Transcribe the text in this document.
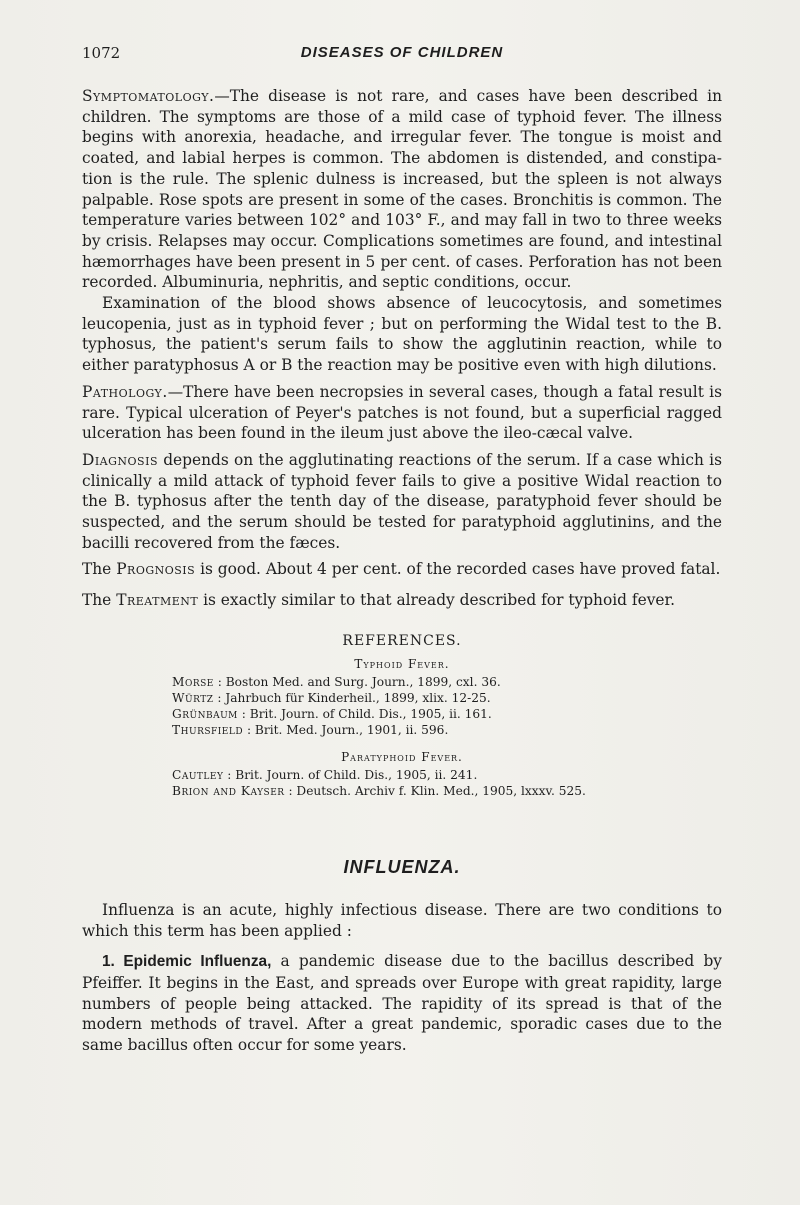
1072	DISEASES OF CHILDREN

Symptomatology.—The disease is not rare, and cases have been described in children. The symptoms are those of a mild case of typhoid fever. The illness begins with anorexia, headache, and irregular fever. The tongue is moist and coated, and labial herpes is common. The abdomen is distended, and constipa- tion is the rule. The splenic dulness is increased, but the spleen is not always palpable. Rose spots are present in some of the cases. Bronchitis is common. The temperature varies between 102° and 103° F., and may fall in two to three weeks by crisis. Relapses may occur. Complications sometimes are found, and intestinal hæmorrhages have been present in 5 per cent. of cases. Perforation has not been recorded. Albuminuria, nephritis, and septic conditions, occur.

Examination of the blood shows absence of leucocytosis, and sometimes leucopenia, just as in typhoid fever ; but on performing the Widal test to the B. typhosus, the patient's serum fails to show the agglutinin reaction, while to either paratyphosus A or B the reaction may be positive even with high dilutions.

Pathology.—There have been necropsies in several cases, though a fatal result is rare. Typical ulceration of Peyer's patches is not found, but a superficial ragged ulceration has been found in the ileum just above the ileo-cæcal valve.

Diagnosis depends on the agglutinating reactions of the serum. If a case which is clinically a mild attack of typhoid fever fails to give a positive Widal reaction to the B. typhosus after the tenth day of the disease, paratyphoid fever should be suspected, and the serum should be tested for paratyphoid agglutinins, and the bacilli recovered from the fæces.

The Prognosis is good. About 4 per cent. of the recorded cases have proved fatal.

The Treatment is exactly similar to that already described for typhoid fever.

REFERENCES.
Typhoid Fever.
Morse : Boston Med. and Surg. Journ., 1899, cxl. 36.
Würtz : Jahrbuch für Kinderheil., 1899, xlix. 12-25.
Grünbaum : Brit. Journ. of Child. Dis., 1905, ii. 161.
Thursfield : Brit. Med. Journ., 1901, ii. 596.
Paratyphoid Fever.
Cautley : Brit. Journ. of Child. Dis., 1905, ii. 241.
Brion and Kayser : Deutsch. Archiv f. Klin. Med., 1905, lxxxv. 525.
INFLUENZA.

Influenza is an acute, highly infectious disease. There are two conditions to which this term has been applied :

1. Epidemic Influenza, a pandemic disease due to the bacillus described by Pfeiffer. It begins in the East, and spreads over Europe with great rapidity, large numbers of people being attacked. The rapidity of its spread is that of the modern methods of travel. After a great pandemic, sporadic cases due to the same bacillus often occur for some years.
